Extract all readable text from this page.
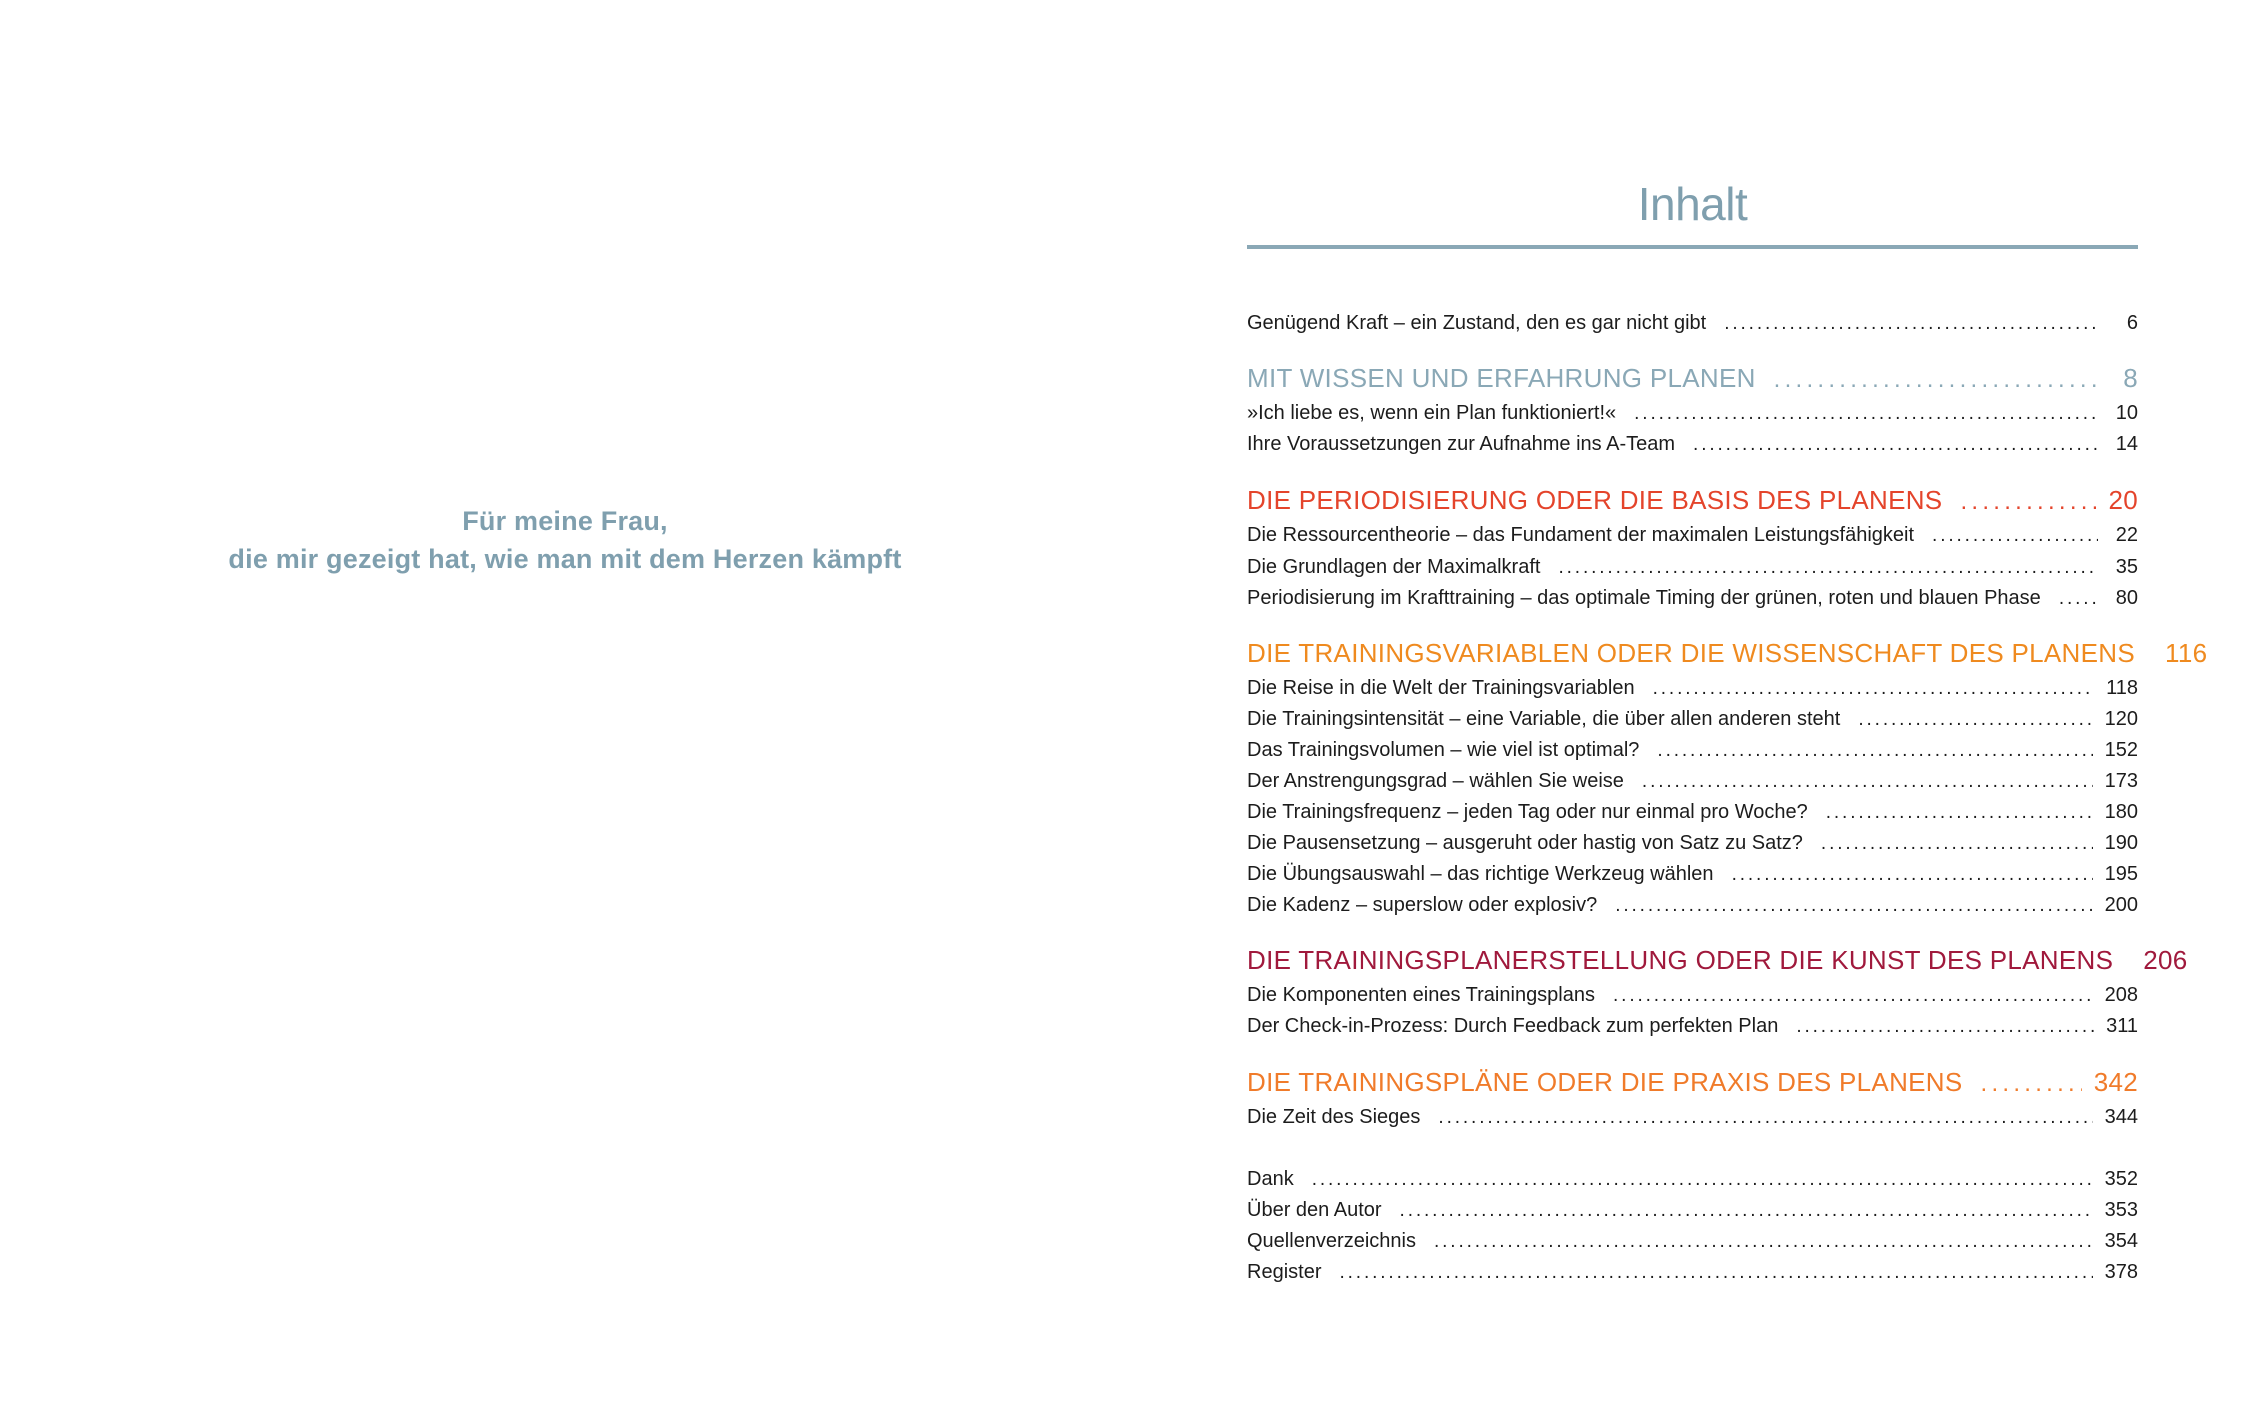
Für meine Frau,
die mir gezeigt hat, wie man mit dem Herzen kämpft
Inhalt
Genügend Kraft – ein Zustand, den es gar nicht gibt . . .	6
MIT WISSEN UND ERFAHRUNG PLANEN . . .	8
»Ich liebe es, wenn ein Plan funktioniert!« . . .	10
Ihre Voraussetzungen zur Aufnahme ins A-Team . . .	14
DIE PERIODISIERUNG ODER DIE BASIS DES PLANENS . . .	20
Die Ressourcentheorie – das Fundament der maximalen Leistungsfähigkeit . . .	22
Die Grundlagen der Maximalkraft . . .	35
Periodisierung im Krafttraining – das optimale Timing der grünen, roten und blauen Phase . . .	80
DIE TRAININGSVARIABLEN ODER DIE WISSENSCHAFT DES PLANENS	116
Die Reise in die Welt der Trainingsvariablen . . .	118
Die Trainingsintensität – eine Variable, die über allen anderen steht . . .	120
Das Trainingsvolumen – wie viel ist optimal? . . .	152
Der Anstrengungsgrad – wählen Sie weise . . .	173
Die Trainingsfrequenz – jeden Tag oder nur einmal pro Woche? . . .	180
Die Pausensetzung – ausgeruht oder hastig von Satz zu Satz? . . .	190
Die Übungsauswahl – das richtige Werkzeug wählen . . .	195
Die Kadenz – superslow oder explosiv? . . .	200
DIE TRAININGSPLANERSTELLUNG ODER DIE KUNST DES PLANENS	206
Die Komponenten eines Trainingsplans . . .	208
Der Check-in-Prozess: Durch Feedback zum perfekten Plan . . .	311
DIE TRAININGSPLÄNE ODER DIE PRAXIS DES PLANENS . . .	342
Die Zeit des Sieges . . .	344
Dank . . .	352
Über den Autor . . .	353
Quellenverzeichnis . . .	354
Register . . .	378
